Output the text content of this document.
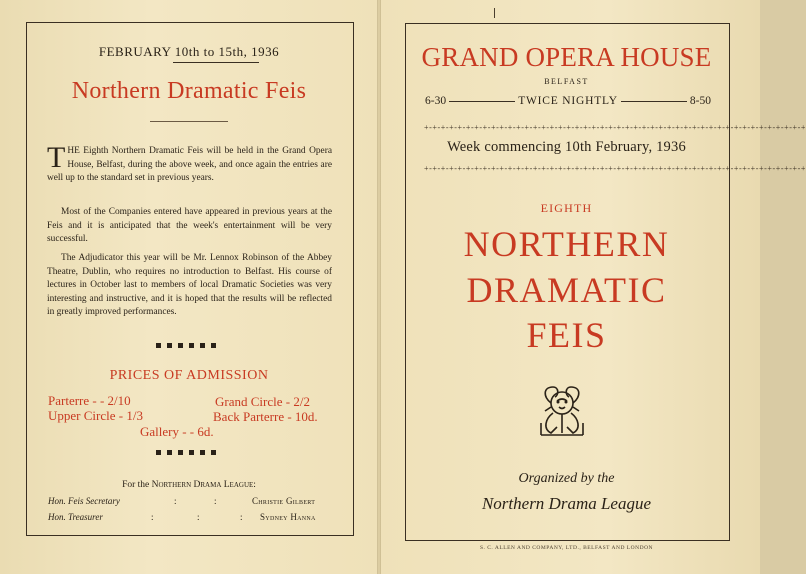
FEBRUARY 10th to 15th, 1936
Northern Dramatic Feis
THE Eighth Northern Dramatic Feis will be held in the Grand Opera House, Belfast, during the above week, and once again the entries are well up to the standard set in previous years.
Most of the Companies entered have appeared in previous years at the Feis and it is anticipated that the week's entertainment will be very successful.
The Adjudicator this year will be Mr. Lennox Robinson of the Abbey Theatre, Dublin, who requires no introduction to Belfast. His course of lectures in October last to members of local Dramatic Societies was very interesting and instructive, and it is hoped that the results will be reflected in greatly improved performances.
PRICES OF ADMISSION
Parterre - - 2/10
Upper Circle - 1/3
Gallery - - 6d.
Grand Circle - 2/2
Back Parterre - 10d.
For the Northern Drama League:
Hon. Feis Secretary	:	:	Christie Gilbert
Hon. Treasurer	:	:	: Sydney Hanna
GRAND OPERA HOUSE
BELFAST
6-30	TWICE NIGHTLY	8-50
+-+-+-+-+-+-+-+-+-+-+-+-+-+-+-+-+-+-+-+-+-+-+-+-+-+-+-+-+-+-+-+-+-+-+-+-+-+-+-+-+-+-+-+-+-+
Week commencing 10th February, 1936
+-+-+-+-+-+-+-+-+-+-+-+-+-+-+-+-+-+-+-+-+-+-+-+-+-+-+-+-+-+-+-+-+-+-+-+-+-+-+-+-+-+-+-+-+-+
EIGHTH
NORTHERN
DRAMATIC
FEIS
Organized by the
Northern Drama League
S. C. ALLEN AND COMPANY, LTD., BELFAST AND LONDON
